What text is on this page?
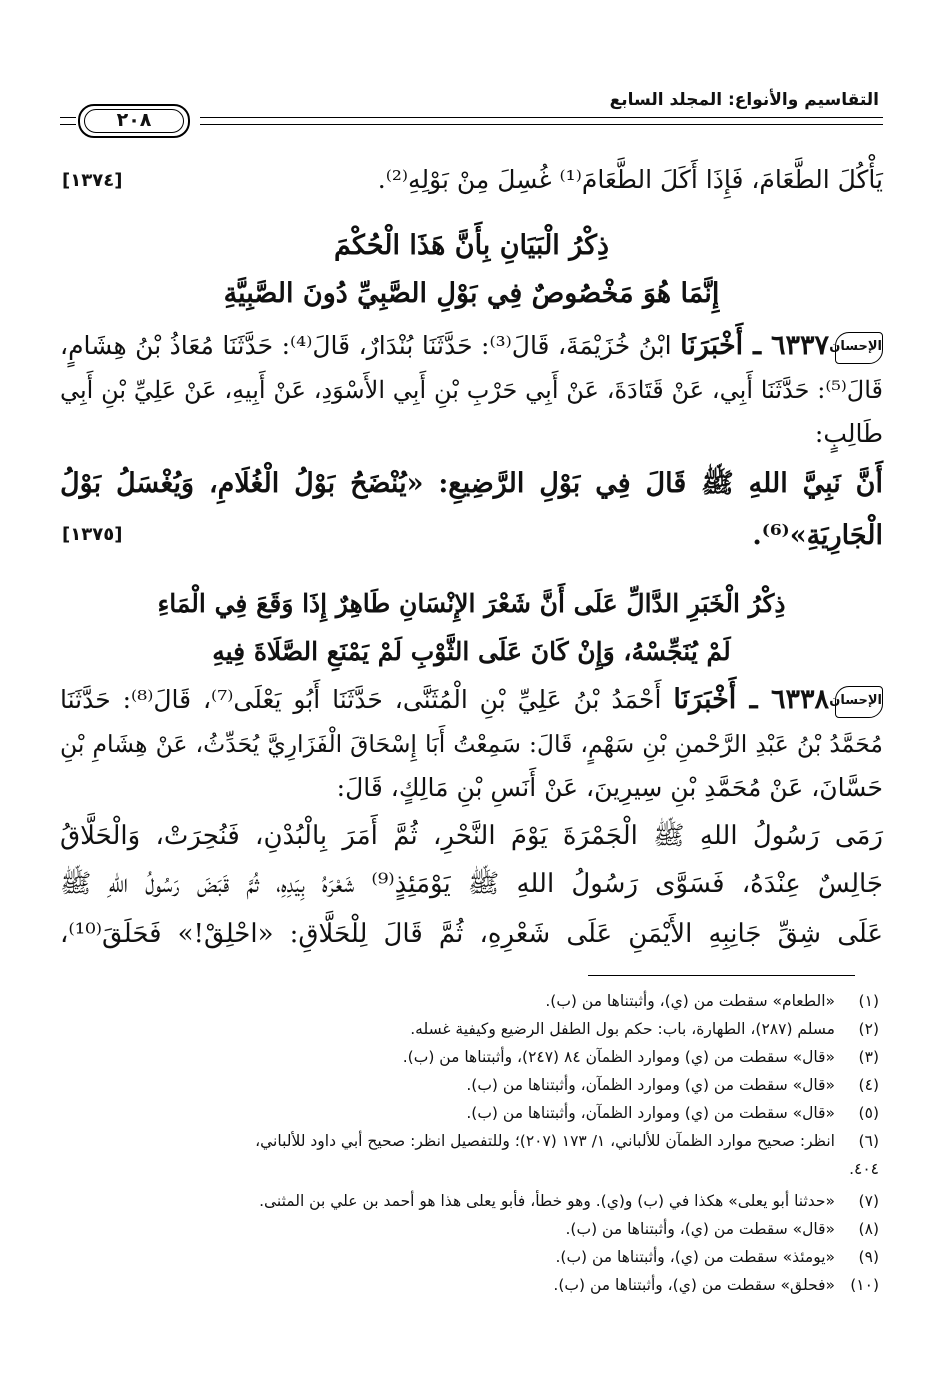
التقاسيم والأنواع: المجلد السابع
٢٠٨
يَأْكُلَ الطَّعَامَ، فَإِذَا أَكَلَ الطَّعَامَ⁽¹⁾ غُسِلَ مِنْ بَوْلِهِ⁽²⁾.
[١٣٧٤]
ذِكْرُ الْبَيَانِ بِأَنَّ هَذَا الْحُكْمَ
إِنَّمَا هُوَ مَخْصُوصٌ فِي بَوْلِ الصَّبِيِّ دُونَ الصَّبِيَّةِ
الإحسان٦٣٣٧ ـ أَخْبَرَنَا ابْنُ خُزَيْمَةَ، قَالَ⁽³⁾: حَدَّثَنَا بُنْدَارٌ، قَالَ⁽⁴⁾: حَدَّثَنَا مُعَاذُ بْنُ هِشَامٍ،
قَالَ⁽⁵⁾: حَدَّثَنَا أَبِي، عَنْ قَتَادَةَ، عَنْ أَبِي حَرْبِ بْنِ أَبِي الأَسْوَدِ، عَنْ أَبِيهِ، عَنْ عَلِيِّ بْنِ أَبِي
طَالِبٍ:
أَنَّ نَبِيَّ اللهِ ﷺ قَالَ فِي بَوْلِ الرَّضِيعِ: «يُنْضَحُ بَوْلُ الْغُلَامِ، وَيُغْسَلُ بَوْلُ
الْجَارِيَةِ»⁽⁶⁾.
[١٣٧٥]
ذِكْرُ الْخَبَرِ الدَّالِّ عَلَى أَنَّ شَعْرَ الإِنْسَانِ طَاهِرٌ إِذَا وَقَعَ فِي الْمَاءِ
لَمْ يُنَجِّسْهُ، وَإِنْ كَانَ عَلَى الثَّوْبِ لَمْ يَمْنَعِ الصَّلَاةَ فِيهِ
الإحسان٦٣٣٨ ـ أَخْبَرَنَا أَحْمَدُ بْنُ عَلِيِّ بْنِ الْمُثَنَّى، حَدَّثَنَا أَبُو يَعْلَى⁽⁷⁾، قَالَ⁽⁸⁾: حَدَّثَنَا
مُحَمَّدُ بْنُ عَبْدِ الرَّحْمنِ بْنِ سَهْمٍ، قَالَ: سَمِعْتُ أَبَا إِسْحَاقَ الْفَزَارِيَّ يُحَدِّثُ، عَنْ هِشَامِ بْنِ
حَسَّانَ، عَنْ مُحَمَّدِ بْنِ سِيرِينَ، عَنْ أَنَسِ بْنِ مَالِكٍ، قَالَ:
رَمَى رَسُولُ اللهِ ﷺ الْجَمْرَةَ يَوْمَ النَّحْرِ، ثُمَّ أَمَرَ بِالْبُدْنِ، فَنُحِرَتْ، وَالْحَلَّاقُ
جَالِسٌ عِنْدَهُ، فَسَوَّى رَسُولُ اللهِ ﷺ يَوْمَئِذٍ⁽⁹⁾ شَعْرَهُ بِيَدِهِ، ثُمَّ قَبَضَ رَسُولُ اللهِ ﷺ
عَلَى شِقِّ جَانِبِهِ الأَيْمَنِ عَلَى شَعْرِهِ، ثُمَّ قَالَ لِلْحَلَّاقِ: «احْلِقْ!» فَحَلَقَ⁽¹⁰⁾،
(١)«الطعام» سقطت من (ي)، وأثبتناها من (ب).
(٢)مسلم (٢٨٧)، الطهارة، باب: حكم بول الطفل الرضيع وكيفية غسله.
(٣)«قال» سقطت من (ي) وموارد الظمآن ٨٤ (٢٤٧)، وأثبتناها من (ب).
(٤)«قال» سقطت من (ي) وموارد الظمآن، وأثبتناها من (ب).
(٥)«قال» سقطت من (ي) وموارد الظمآن، وأثبتناها من (ب).
(٦)انظر: صحيح موارد الظمآن للألباني، ١/ ١٧٣ (٢٠٧)؛ وللتفصيل انظر: صحيح أبي داود للألباني،
٤٠٤.
(٧)«حدثنا أبو يعلى» هكذا في (ب) و(ي). وهو خطأ، فأبو يعلى هذا هو أحمد بن علي بن المثنى.
(٨)«قال» سقطت من (ي)، وأثبتناها من (ب).
(٩)«يومئذ» سقطت من (ي)، وأثبتناها من (ب).
(١٠)«فحلق» سقطت من (ي)، وأثبتناها من (ب).
